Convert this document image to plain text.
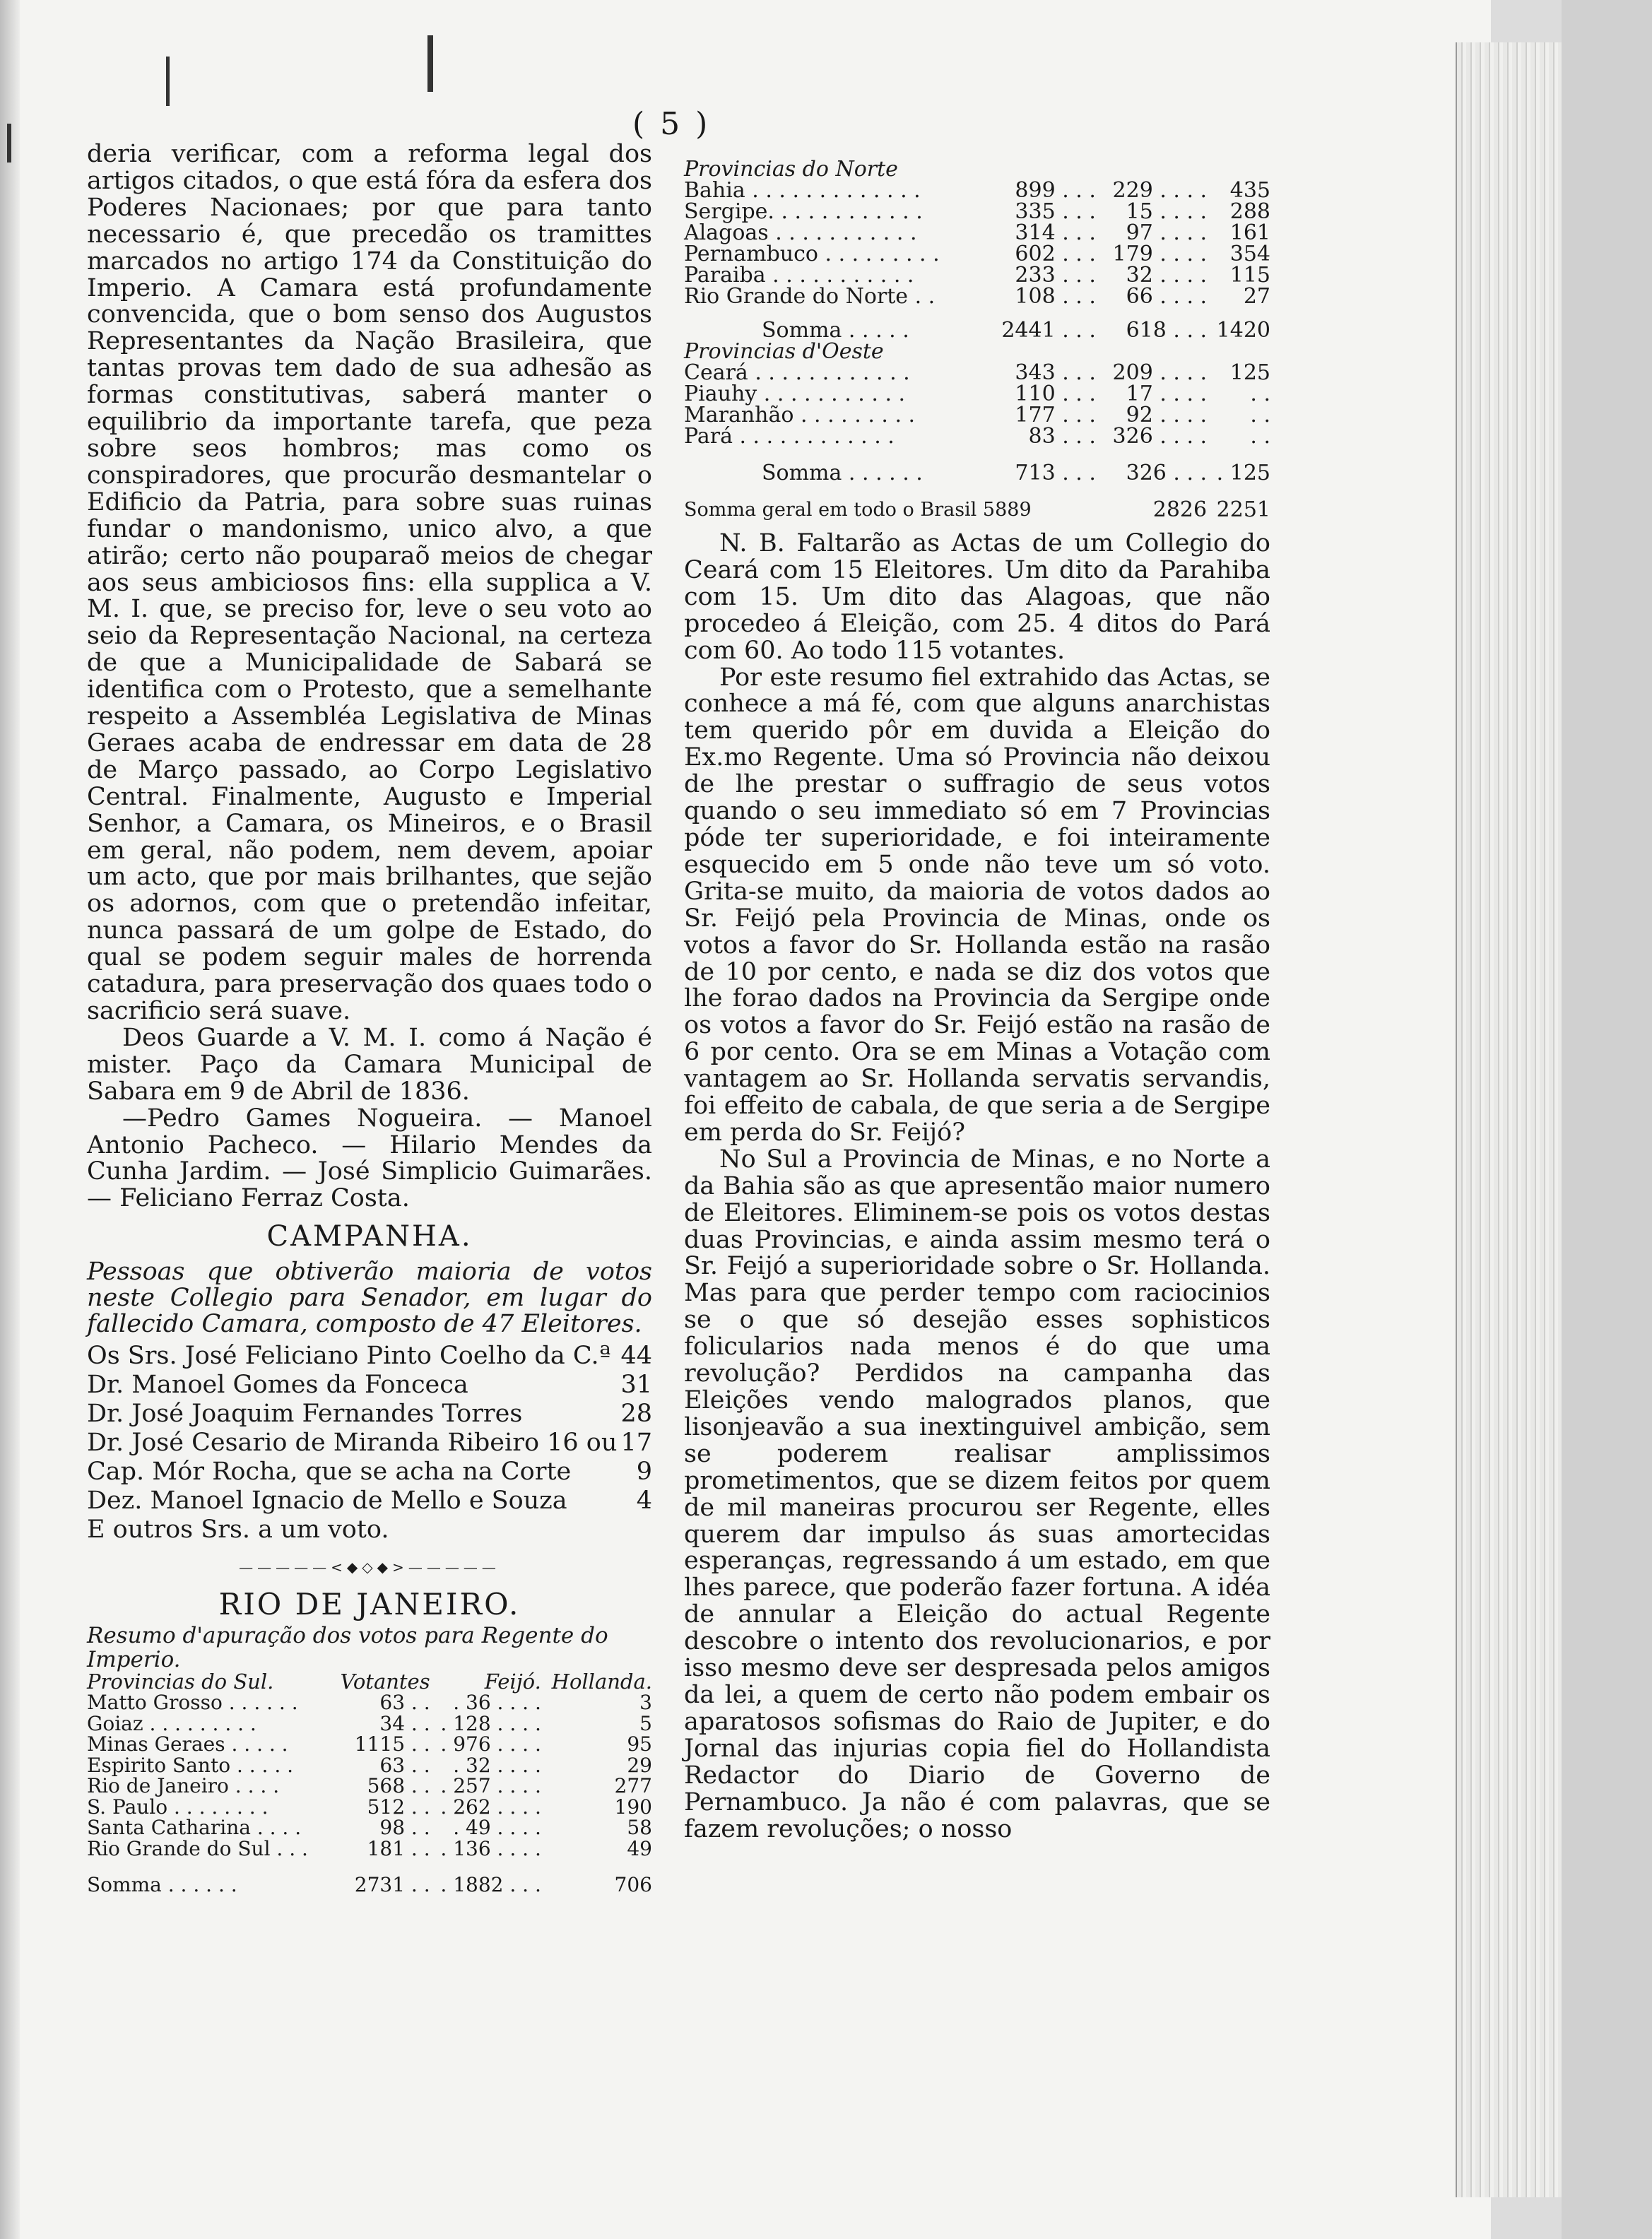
( 5 )

deria verificar, com a reforma legal dos artigos citados, o que está fóra da esfera dos Poderes Nacionaes; por que para tanto necessario é, que precedão os tramittes marcados no artigo 174 da Constituição do Imperio. A Camara está profundamente convencida, que o bom senso dos Augustos Representantes da Nação Brasileira, que tantas provas tem dado de sua adhesão as formas constitutivas, saberá manter o equilibrio da importante tarefa, que peza sobre seos hombros; mas como os conspiradores, que procurão desmantelar o Edificio da Patria, para sobre suas ruinas fundar o mandonismo, unico alvo, a que atirão; certo não pouparaõ meios de chegar aos seus ambiciosos fins: ella supplica a V. M. I. que, se preciso for, leve o seu voto ao seio da Representação Nacional, na certeza de que a Municipalidade de Sabará se identifica com o Protesto, que a semelhante respeito a Assembléa Legislativa de Minas Geraes acaba de endressar em data de 28 de Março passado, ao Corpo Legislativo Central. Finalmente, Augusto e Imperial Senhor, a Camara, os Mineiros, e o Brasil em geral, não podem, nem devem, apoiar um acto, que por mais brilhantes, que sejão os adornos, com que o pretendão infeitar, nunca passará de um golpe de Estado, do qual se podem seguir males de horrenda catadura, para preservação dos quaes todo o sacrificio será suave.

Deos Guarde a V. M. I. como á Nação é mister. Paço da Camara Municipal de Sabara em 9 de Abril de 1836.

—Pedro Games Nogueira. — Manoel Antonio Pacheco. — Hilario Mendes da Cunha Jardim. — José Simplicio Guimarães. — Feliciano Ferraz Costa.

CAMPANHA.

Pessoas que obtiverão maioria de votos neste Collegio para Senador, em lugar do fallecido Camara, composto de 47 Eleitores.

Os Srs. José Feliciano Pinto Coelho da C.ª 44
Dr. Manoel Gomes da Fonceca	31
Dr. José Joaquim Fernandes Torres	28
Dr. José Cesario de Miranda Ribeiro 16 ou 17
Cap. Mór Rocha, que se acha na Corte	9
Dez. Manoel Ignacio de Mello e Souza	4
E outros Srs. a um voto.
—————<◆◇◆>—————
RIO DE JANEIRO.
Resumo d'apuração dos votos para Regente do Imperio.
Provincias do Sul.	Votantes	Feijó.	Hollanda.
Matto Grosso . . . . . .	63 . .	. 36 . . . .	3
Goiaz . . . . . . . . .	34 . .	. 128 . . . .	5
Minas Geraes . . . . .	1115 . .	. 976 . . . .	95
Espirito Santo . . . . .	63 . .	. 32 . . . .	29
Rio de Janeiro . . . .	568 . .	. 257 . . . .	277
S. Paulo . . . . . . . .	512 . .	. 262 . . . .	190
Santa Catharina . . . .	98 . .	. 49 . . . .	58
Rio Grande do Sul . . .	181 . .	. 136 . . . .	49
Somma . . . . . .	2731 . .	. 1882 . . .	706
Provincias do Norte			
Bahia . . . . . . . . . . . . .	899 . . .	229 . . . .	435
Sergipe. . . . . . . . . . . .	335 . . .	15 . . . .	288
Alagoas . . . . . . . . . . .	314 . . .	97 . . . .	161
Pernambuco . . . . . . . . .	602 . . .	179 . . . .	354
Paraiba . . . . . . . . . . .	233 . . .	32 . . . .	115
Rio Grande do Norte . .	108 . . .	66 . . . .	27
Somma . . . . .	2441 . . .	618 . . .	1420
Provincias d'Oeste			
Ceará . . . . . . . . . . . .	343 . . .	209 . . . .	125
Piauhy . . . . . . . . . . .	110 . . .	17 . . . .	. .
Maranhão . . . . . . . . .	177 . . .	92 . . . .	. .
Pará . . . . . . . . . . . .	83 . . .	326 . . . .	. .
Somma . . . . . .	713 . . .	326 . . .	. 125
Somma geral em todo o Brasil 5889		2826	2251

N. B. Faltarão as Actas de um Collegio do Ceará com 15 Eleitores. Um dito da Parahiba com 15. Um dito das Alagoas, que não procedeo á Eleição, com 25. 4 ditos do Pará com 60. Ao todo 115 votantes.

Por este resumo fiel extrahido das Actas, se conhece a má fé, com que alguns anarchistas tem querido pôr em duvida a Eleição do Ex.mo Regente. Uma só Provincia não deixou de lhe prestar o suffragio de seus votos quando o seu immediato só em 7 Provincias póde ter superioridade, e foi inteiramente esquecido em 5 onde não teve um só voto. Grita-se muito, da maioria de votos dados ao Sr. Feijó pela Provincia de Minas, onde os votos a favor do Sr. Hollanda estão na rasão de 10 por cento, e nada se diz dos votos que lhe forao dados na Provincia da Sergipe onde os votos a favor do Sr. Feijó estão na rasão de 6 por cento. Ora se em Minas a Votação com vantagem ao Sr. Hollanda servatis servandis, foi effeito de cabala, de que seria a de Sergipe em perda do Sr. Feijó?

No Sul a Provincia de Minas, e no Norte a da Bahia são as que apresentão maior numero de Eleitores. Eliminem-se pois os votos destas duas Provincias, e ainda assim mesmo terá o Sr. Feijó a superioridade sobre o Sr. Hollanda. Mas para que perder tempo com raciocinios se o que só desejão esses sophisticos folicularios nada menos é do que uma revolução? Perdidos na campanha das Eleições vendo malogrados planos, que lisonjeavão a sua inextinguivel ambição, sem se poderem realisar amplissimos prometimentos, que se dizem feitos por quem de mil maneiras procurou ser Regente, elles querem dar impulso ás suas amortecidas esperanças, regressando á um estado, em que lhes parece, que poderão fazer fortuna. A idéa de annular a Eleição do actual Regente descobre o intento dos revolucionarios, e por isso mesmo deve ser despresada pelos amigos da lei, a quem de certo não podem embair os aparatosos sofismas do Raio de Jupiter, e do Jornal das injurias copia fiel do Hollandista Redactor do Diario de Governo de Pernambuco. Ja não é com palavras, que se fazem revoluções; o nosso
